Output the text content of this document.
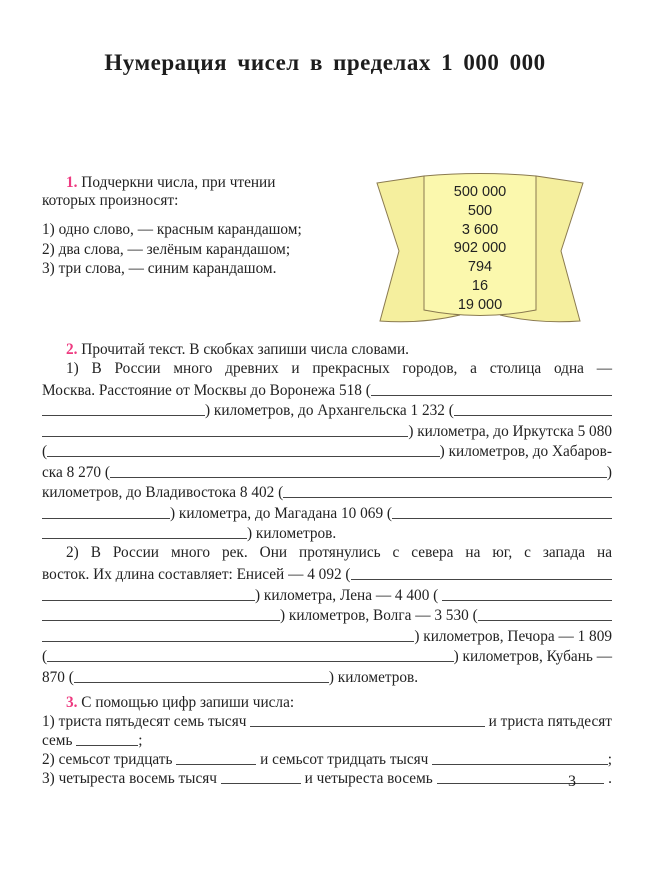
Нумерация чисел в пределах 1 000 000
1. Подчеркни числа, при чтении
которых произносят:
1) одно слово, — красным карандашом;
2) два слова, — зелёным карандашом;
3) три слова, — синим карандашом.
500 000
500
3 600
902 000
794
16
19 000
2. Прочитай текст. В скобках запиши числа словами.
1) В России много древних и прекрасных городов, а столица одна —
Москва. Расстояние от Москвы до Воронежа 518 (
) километров, до Архангельска 1 232 (
) километра, до Иркутска 5 080
(	) километров, до Хабаров-
ска 8 270 (	)
километров, до Владивостока 8 402 (
) километра, до Магадана 10 069 (
) километров.
2) В России много рек. Они протянулись с севера на юг, с запада на
восток. Их длина составляет: Енисей — 4 092 (
) километра, Лена — 4 400 (
) километров, Волга — 3 530 (
) километров, Печора — 1 809
(	) километров, Кубань —
870 (	) километров.
3. С помощью цифр запиши числа:
1) триста пятьдесят семь тысяч	и триста пятьдесят
семь	;
2) семьсот тридцать	и семьсот тридцать тысяч	;
3) четыреста восемь тысяч	и четыреста восемь	.
3
